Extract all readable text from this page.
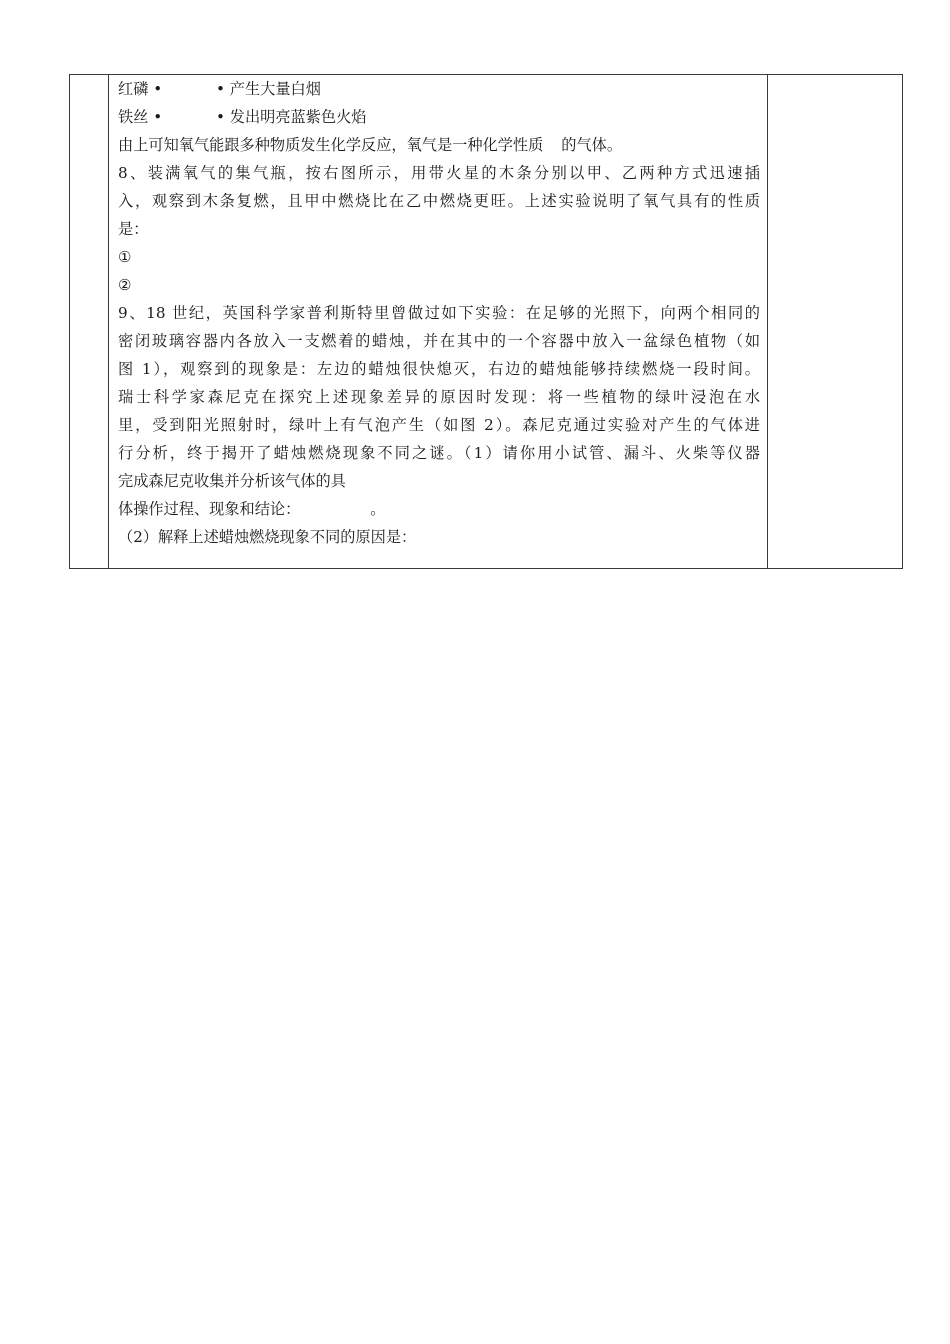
红磷 •	• 产生大量白烟
铁丝 •	• 发出明亮蓝紫色火焰
由上可知氧气能跟多种物质发生化学反应，氧气是一种化学性质 的气体。
8、装满氧气的集气瓶，按右图所示，用带火星的木条分别以甲、乙两种方式迅速插
入，观察到木条复燃，且甲中燃烧比在乙中燃烧更旺。上述实验说明了氧气具有的性质
是：
①
②
9、18 世纪，英国科学家普利斯特里曾做过如下实验：在足够的光照下，向两个相同的
密闭玻璃容器内各放入一支燃着的蜡烛，并在其中的一个容器中放入一盆绿色植物（如
图 1），观察到的现象是：左边的蜡烛很快熄灭，右边的蜡烛能够持续燃烧一段时间。
瑞士科学家森尼克在探究上述现象差异的原因时发现：将一些植物的绿叶浸泡在水
里，受到阳光照射时，绿叶上有气泡产生（如图 2）。森尼克通过实验对产生的气体进
行分析，终于揭开了蜡烛燃烧现象不同之谜。（1）请你用小试管、漏斗、火柴等仪器
完成森尼克收集并分析该气体的具
体操作过程、现象和结论：	。
（2）解释上述蜡烛燃烧现象不同的原因是：
